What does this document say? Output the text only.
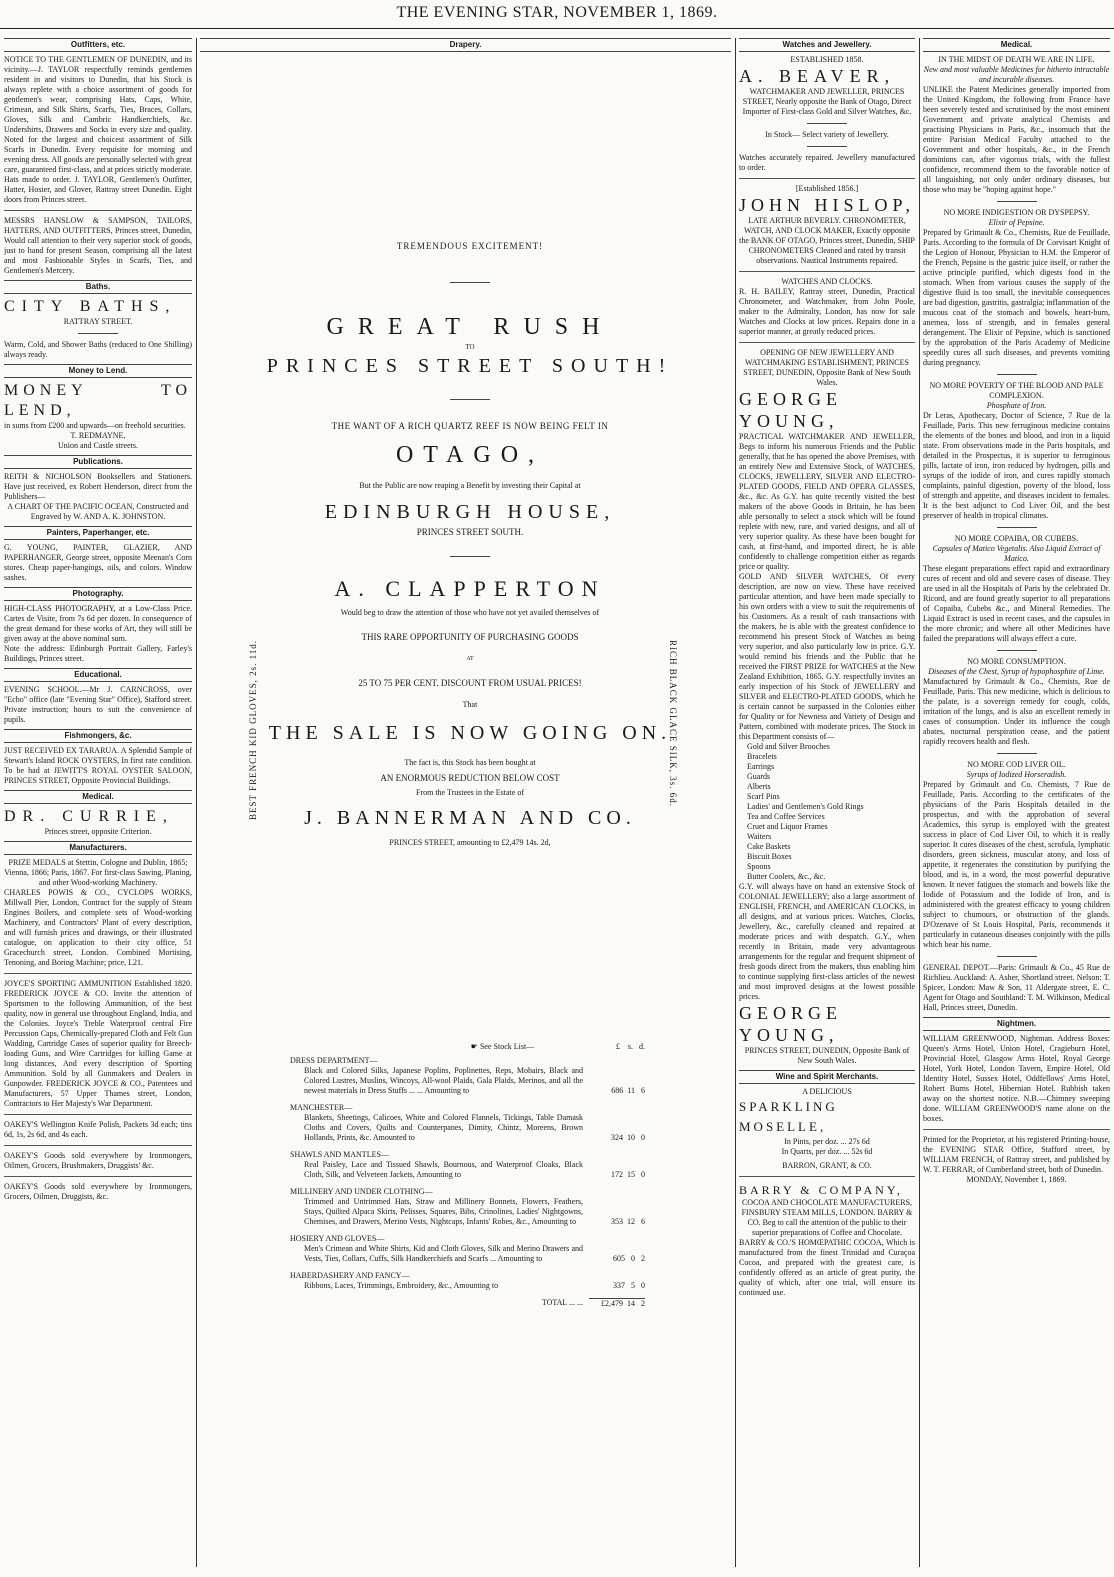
THE EVENING STAR, NOVEMBER 1, 1869.
Outfitters, etc.

NOTICE TO THE GENTLEMEN OF DUNEDIN, and its vicinity.—J. TAYLOR respectfully reminds gentlemen resident in and visitors to Dunedin, that his Stock is always replete with a choice assortment of goods for gentlemen's wear, comprising Hats, Caps, White, Crimean, and Silk Shirts, Scarfs, Ties, Braces, Collars, Gloves, Silk and Cambric Handkerchiefs, &c. Undershirts, Drawers and Socks in every size and quality. Noted for the largest and choicest assortment of Silk Scarfs in Dunedin. Every requisite for morning and evening dress. All goods are personally selected with great care, guaranteed first-class, and at prices strictly moderate. Hats made to order. J. TAYLOR, Gentlemen's Outfitter, Hatter, Hosier, and Glover, Rattray street Dunedin. Eight doors from Princes street.

MESSRS HANSLOW & SAMPSON, TAILORS, HATTERS, AND OUTFITTERS, Princes street, Dunedin, Would call attention to their very superior stock of goods, just to hand for present Season, comprising all the latest and most Fashionable Styles in Scarfs, Ties, and Gentlemen's Mercery.

Baths.

CITY BATHS,

RATTRAY STREET.

Warm, Cold, and Shower Baths (reduced to One Shilling) always ready.

Money to Lend.

MONEY TO LEND,

in sums from £200 and upwards—on freehold securities.

T. REDMAYNE,

Union and Castle streets.

Publications.

REITH & NICHOLSON Booksellers and Stationers. Have just received, ex Robert Henderson, direct from the Publishers—

A CHART OF THE PACIFIC OCEAN, Constructed and Engraved by W. AND A. K. JOHNSTON.

Painters, Paperhanger, etc.

G. YOUNG, PAINTER, GLAZIER, AND PAPERHANGER, George street, opposite Meenan's Corn stores. Cheap paper-hangings, oils, and colors. Window sashes.

Photography.

HIGH-CLASS PHOTOGRAPHY, at a Low-Class Price. Cartes de Visite, from 7s 6d per dozen. In consequence of the great demand for these works of Art, they will still be given away at the above nominal sum.

Note the address: Edinburgh Portrait Gallery, Farley's Buildings, Princes street.

Educational.

EVENING SCHOOL.—Mr J. CARNCROSS, over "Echo" office (late "Evening Star" Office), Stafford street. Private instruction; hours to suit the convenience of pupils.

Fishmongers, &c.

JUST RECEIVED EX TARARUA. A Splendid Sample of Stewart's Island ROCK OYSTERS, In first rate condition. To be had at JEWITT'S ROYAL OYSTER SALOON, PRINCES STREET, Opposite Provincial Buildings.

Medical.

DR. CURRIE,

Princes street, opposite Criterion.

Manufacturers.

PRIZE MEDALS at Stettin, Cologne and Dublin, 1865; Vienna, 1866; Paris, 1867. For first-class Sawing, Planing, and other Wood-working Machinery.

CHARLES POWIS & CO., CYCLOPS WORKS, Millwall Pier, London, Contract for the supply of Steam Engines Boilers, and complete sets of Wood-working Machinery, and Contractors' Plant of every description, and will furnish prices and drawings, or their illustrated catalogue, on application to their city office, 51 Gracechurch street, London. Combined Mortising, Tenoning, and Boring Machine; price, L21.

JOYCE'S SPORTING AMMUNITION Established 1820. FREDERICK JOYCE & CO. Invite the attention of Sportsmen to the following Ammunition, of the best quality, now in general use throughout England, India, and the Colonies. Joyce's Treble Waterproof central Fire Percussion Caps, Chemically-prepared Cloth and Felt Gun Wadding, Cartridge Cases of superior quality for Breech-loading Guns, and Wire Cartridges for killing Game at long distances, And every description of Sporting Ammunition. Sold by all Gunmakers and Dealers in Gunpowder. FREDERICK JOYCE & CO., Patentees and Manufacturers, 57 Upper Thames street, London, Contractors to Her Majesty's War Department.

OAKEY'S Wellington Knife Polish, Packets 3d each; tins 6d, 1s, 2s 6d, and 4s each.

OAKEY'S Goods sold everywhere by Ironmongers, Oilmen, Grocers, Brushmakers, Druggists' &c.

OAKEY'S Goods sold everywhere by Ironmongers, Grocers, Oilmen, Druggists, &c.

Drapery.
BEST FRENCH KID GLOVES, 2s. 11d.	RICH BLACK GLACE SILK, 3s. 6d.

TREMENDOUS EXCITEMENT!

GREAT RUSH

TO

PRINCES STREET SOUTH!

THE WANT OF A RICH QUARTZ REEF IS NOW BEING FELT IN

OTAGO,

But the Public are now reaping a Benefit by investing their Capital at

EDINBURGH HOUSE,

PRINCES STREET SOUTH.

A. CLAPPERTON

Would beg to draw the attention of those who have not yet availed themselves of

THIS RARE OPPORTUNITY OF PURCHASING GOODS

AT

25 TO 75 PER CENT. DISCOUNT FROM USUAL PRICES!

That

THE SALE IS NOW GOING ON.

The fact is, this Stock has been bought at

AN ENORMOUS REDUCTION BELOW COST

From the Trustees in the Estate of

J. BANNERMAN AND CO.

PRINCES STREET, amounting to £2,479 14s. 2d,

☛ See Stock List—	£    s.   d.
DRESS DEPARTMENT—
Black and Colored Silks, Japanese Poplins, Poplinettes, Reps, Mohairs, Black and Colored Lustres, Muslins, Wincoys, All-wool Plaids, Gala Plaids, Merinos, and all the newest materials in Dress Stuffs ... ... Amounting to	686  11   6
MANCHESTER—
Blankets, Sheetings, Calicoes, White and Colored Flannels, Tickings, Table Damask Cloths and Covers, Quilts and Counterpanes, Dimity, Chintz, Moreens, Brown Hollands, Prints, &c. Amounted to	324  10   0
SHAWLS AND MANTLES—
Real Paisley, Lace and Tissued Shawls, Bournous, and Waterproof Cloaks, Black Cloth, Silk, and Velveteen Jackets, Amounting to	172  15   0
MILLINERY AND UNDER CLOTHING—
Trimmed and Untrimmed Hats, Straw and Millinery Bonnets, Flowers, Feathers, Stays, Quilted Alpaca Skirts, Pelisses, Squares, Bibs, Crinolines, Ladies' Nightgowns, Chemises, and Drawers, Merino Vests, Nightcaps, Infants' Robes, &c., Amounting to	353  12   6
HOSIERY AND GLOVES—
Men's Crimean and White Shirts, Kid and Cloth Gloves, Silk and Merino Drawers and Vests, Ties, Collars, Cuffs, Silk Handkerchiefs and Scarfs ... Amounting to	605   0   2
HABERDASHERY AND FANCY—
Ribbons, Laces, Trimmings, Embroidery, &c., Amounting to	337   5   0
TOTAL ... ...	£2,479  14   2
Watches and Jewellery.

ESTABLISHED 1858.

A. BEAVER,

WATCHMAKER AND JEWELLER, PRINCES STREET, Nearly opposite the Bank of Otago, Direct Importer of First-class Gold and Silver Watches, &c.

In Stock— Select variety of Jewellery.

Watches accurately repaired. Jewellery manufactured to order.

[Established 1856.]

JOHN HISLOP,

LATE ARTHUR BEVERLY. CHRONOMETER, WATCH, AND CLOCK MAKER, Exactly opposite the BANK OF OTAGO, Princes street, Dunedin, SHIP CHRONOMETERS Cleaned and rated by transit observations. Nautical Instruments repaired.

WATCHES AND CLOCKS.

R. H. BAILEY, Rattray street, Dunedin, Practical Chronometer, and Watchmaker, from John Poole, maker to the Admiralty, London, has now for sale Watches and Clocks at low prices. Repairs done in a superior manner, at greatly reduced prices.

OPENING OF NEW JEWELLERY AND WATCHMAKING ESTABLISHMENT, PRINCES STREET, DUNEDIN, Opposite Bank of New South Wales.

GEORGE YOUNG,

PRACTICAL WATCHMAKER AND JEWELLER, Begs to inform his numerous Friends and the Public generally, that he has opened the above Premises, with an entirely New and Extensive Stock, of WATCHES, CLOCKS, JEWELLERY, SILVER AND ELECTRO-PLATED GOODS, FIELD AND OPERA GLASSES, &c., &c. As G.Y. has quite recently visited the best makers of the above Goods in Britain, he has been able personally to select a stock which will be found replete with new, rare, and varied designs, and all of very superior quality. As these have been bought for cash, at first-hand, and imported direct, he is able confidently to challenge competition either as regards price or quality.

GOLD AND SILVER WATCHES, Of every description, are now on view. These have received particular attention, and have been made specially to his own orders with a view to suit the requirements of his Customers. As a result of cash transactions with the makers, he is able with the greatest confidence to recommend his present Stock of Watches as being very superior, and also particularly low in price. G.Y. would remind his friends and the Public that he received the FIRST PRIZE for WATCHES at the New Zealand Exhibition, 1865. G.Y. respectfully invites an early inspection of his Stock of JEWELLERY and SILVER and ELECTRO-PLATED GOODS, which he is certain cannot be surpassed in the Colonies either for Quality or for Newness and Variety of Design and Pattern, combined with moderate prices. The Stock in this Department consists of—

Gold and Silver Brooches

Bracelets

Earrings

Guards

Alberts

Scarf Pins

Ladies' and Gentlemen's Gold Rings

Tea and Coffee Services

Cruet and Liquor Frames

Waiters

Cake Baskets

Biscuit Boxes

Spoons

Butter Coolers, &c., &c.

G.Y. will always have on hand an extensive Stock of COLONIAL JEWELLERY; also a large assortment of ENGLISH, FRENCH, and AMERICAN CLOCKS, in all designs, and at various prices. Watches, Clocks, Jewellery, &c., carefully cleaned and repaired at moderate prices and with despatch. G.Y., when recently in Britain, made very advantageous arrangements for the regular and frequent shipment of fresh goods direct from the makers, thus enabling him to continue supplying first-class articles of the newest and most improved designs at the lowest possible prices.

GEORGE YOUNG,

PRINCES STREET, DUNEDIN, Opposite Bank of New South Wales.

Wine and Spirit Merchants.

A DELICIOUS

SPARKLING MOSELLE,

In Pints, per doz. ... 27s 6d

In Quarts, per doz. ... 52s 6d

BARRON, GRANT, & CO.

BARRY & COMPANY,

COCOA AND CHOCOLATE MANUFACTURERS, FINSBURY STEAM MILLS, LONDON. BARRY & CO. Beg to call the attention of the public to their superior preparations of Coffee and Chocolate.

BARRY & CO.'S HOMŒPATHIC COCOA, Which is manufactured from the finest Trinidad and Curaçoa Cocoa, and prepared with the greatest care, is confidently offered as an article of great purity, the quality of which, after one trial, will ensure its continued use.

Medical.

IN THE MIDST OF DEATH WE ARE IN LIFE.

New and most valuable Medicines for hitherto intractable and incurable diseases.

UNLIKE the Patent Medicines generally imported from the United Kingdom, the following from France have been severely tested and scrutinised by the most eminent Government and private analytical Chemists and practising Physicians in Paris, &c., insomuch that the entire Parisian Medical Faculty attached to the Government and other hospitals, &c., in the French dominions can, after vigorous trials, with the fullest confidence, recommend them to the favorable notice of all languishing, not only under ordinary diseases, but those who may be "hoping against hope."

NO MORE INDIGESTION OR DYSPEPSY.

Elixir of Pepsine.

Prepared by Grimault & Co., Chemists, Rue de Feuillade, Paris. According to the formula of Dr Corvisart Knight of the Legion of Honour, Physician to H.M. the Emperor of the French, Pepsine is the gastric juice itself, or rather the active principle purified, which digests food in the stomach. When from various causes the supply of the digestive fluid is too small, the inevitable consequences are bad digestion, gastritis, gastralgia; inflammation of the mucous coat of the stomach and bowels, heart-burn, anemea, loss of strength, and in females general derangement. The Elixir of Pepsine, which is sanctioned by the approbation of the Paris Academy of Medicine speedily cures all such diseases, and prevents vomiting during pregnancy.

NO MORE POVERTY OF THE BLOOD AND PALE COMPLEXION.

Phosphate of Iron.

Dr Leras, Apothecary, Doctor of Science, 7 Rue de la Feuillade, Paris. This new ferruginous medicine contains the elements of the bones and blood, and iron in a liquid state. From observations made in the Paris hospitals, and detailed in the Prospectus, it is superior to ferruginous pills, lactate of iron, iron reduced by hydrogen, pills and syrups of the iodide of iron, and cures rapidly stomach complaints, painful digestion, poverty of the blood, loss of strength and appetite, and diseases incident to females. It is the best adjunct to Cod Liver Oil, and the best preserver of health in tropical climates.

NO MORE COPAIBA, OR CUBEBS.

Capsules of Matico Vegetalis. Also Liquid Extract of Matico.

These elegant preparations effect rapid and extraordinary cures of recent and old and severe cases of disease. They are used in all the Hospitals of Paris by the celebrated Dr. Ricord, and are found greatly superior to all preparations of Copaiba, Cubebs &c., and Mineral Remedies. The Liquid Extract is used in recent cases, and the capsules in the more chronic; and where all other Medicines have failed the preparations will always effect a cure.

NO MORE CONSUMPTION.

Diseases of the Chest, Syrup of hypophosphite of Lime.

Manufactured by Grimault & Co., Chemists, Rue de Feuillade, Paris. This new medicine, which is delicious to the palate, is a sovereign remedy for cough, colds, irritation of the lungs, and is also an excellent remedy in cases of consumption. Under its influence the cough abates, nocturnal perspiration cease, and the patient rapidly recovers health and flesh.

NO MORE COD LIVER OIL.

Syrups of Iodized Horseradish.

Prepared by Grimault and Co. Chemists, 7 Rue de Feuillade, Paris. According to the certificates of the physicians of the Paris Hospitals detailed in the prospectus, and with the approbation of several Academics, this syrup is employed with the greatest success in place of Cod Liver Oil, to which it is really superior. It cures diseases of the chest, scrofula, lymphatic disorders, green sickness, muscular atony, and loss of appetite, it regenerates the constitution by purifying the blood, and is, in a word, the most powerful depurative known. It never fatigues the stomach and bowels like the Iodide of Potassium and the Iodide of Iron, and is administered with the greatest efficacy to young children subject to chumours, or obstruction of the glands. D'Ozenave of St Louis Hospital, Paris, recommends it particularly in cutaneous diseases conjointly with the pills which bear his name.

GENERAL DEPOT.—Paris: Grimault & Co., 45 Rue de Richlieu. Auckland: A. Asher, Shortland street. Nelson: T. Spicer, London: Maw & Son, 11 Aldergate street, E. C. Agent for Otago and Southland: T. M. Wilkinson, Medical Hall, Princes street, Dunedin.

Nightmen.

WILLIAM GREENWOOD, Nightman. Address Boxes: Queen's Arms Hotel, Union Hotel, Cragieburn Hotel, Provincial Hotel, Glasgow Arms Hotel, Royal George Hotel, York Hotel, London Tavern, Empire Hotel, Old Identity Hotel, Sussex Hotel, Oddfellows' Arms Hotel, Robert Burns Hotel, Hibernian Hotel. Rubbish taken away on the shortest notice. N.B.—Chimney sweeping done. WILLIAM GREENWOOD'S name alone on the boxes.

Printed for the Proprietor, at his registered Printing-house, the EVENING STAR Office, Stafford street, by WILLIAM FRENCH, of Rattray street, and published by W. T. FERRAR, of Cumberland street, both of Dunedin.

MONDAY, November 1, 1869.
